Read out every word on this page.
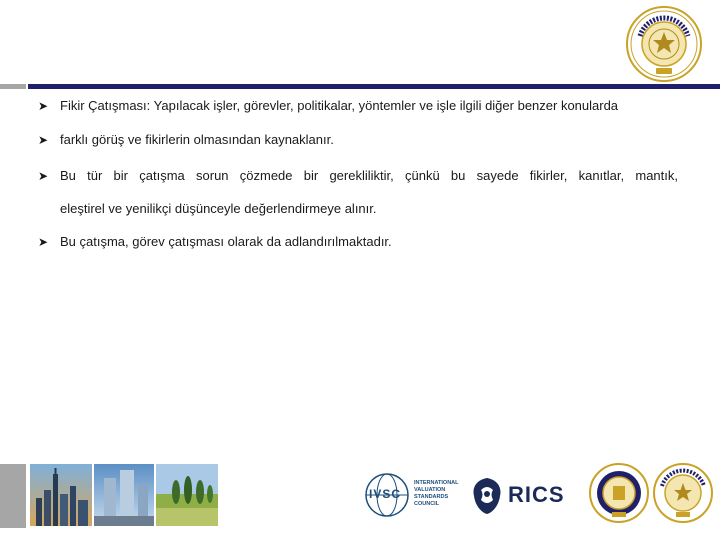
➤ Fikir Çatışması: Yapılacak işler, görevler, politikalar, yöntemler ve işle ilgili diğer benzer konularda
➤ farklı görüş ve fikirlerin olmasından kaynaklanır.
➤ Bu tür bir çatışma sorun çözmede bir gerekliliktir, çünkü bu sayede fikirler, kanıtlar, mantık,
eleştirel ve yenilikçi düşünceyle değerlendirmeye alınır.
➤ Bu çatışma, görev çatışması olarak da adlandırılmaktadır.
IVSC
INTERNATIONAL
VALUATION
STANDARDS
COUNCIL	RICS
